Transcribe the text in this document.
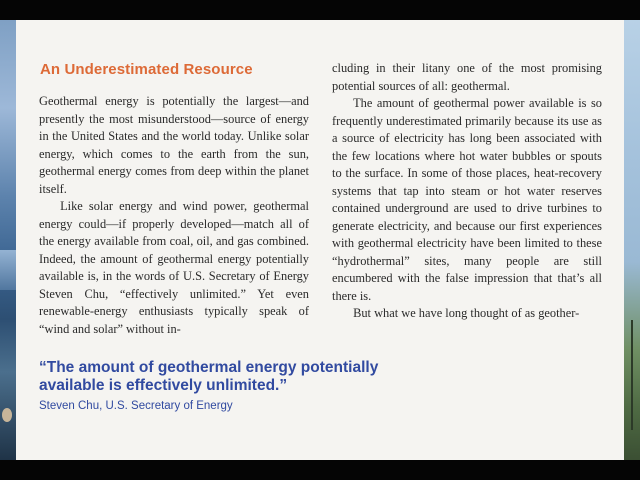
An Underestimated Resource

Geothermal energy is potentially the largest—and presently the most misunderstood—source of energy in the United States and the world today. Unlike solar energy, which comes to the earth from the sun, geothermal energy comes from deep within the planet itself.

Like solar energy and wind power, geothermal energy could—if properly developed—match all of the energy available from coal, oil, and gas combined. Indeed, the amount of geothermal energy potentially available is, in the words of U.S. Secretary of Energy Steven Chu, “effectively unlimited.” Yet even renewable-energy enthusiasts typically speak of “wind and solar” without in-

cluding in their litany one of the most promising potential sources of all: geothermal.

The amount of geothermal power available is so frequently underestimated primarily because its use as a source of electricity has long been associated with the few locations where hot water bubbles or spouts to the surface. In some of those places, heat-recovery systems that tap into steam or hot water reserves contained underground are used to drive turbines to generate electricity, and because our first experiences with geothermal electricity have been limited to these “hydrothermal” sites, many people are still encumbered with the false impression that that’s all there is.

But what we have long thought of as geother-

“The amount of geothermal energy potentially available is effectively unlimited.”
Steven Chu, U.S. Secretary of Energy
